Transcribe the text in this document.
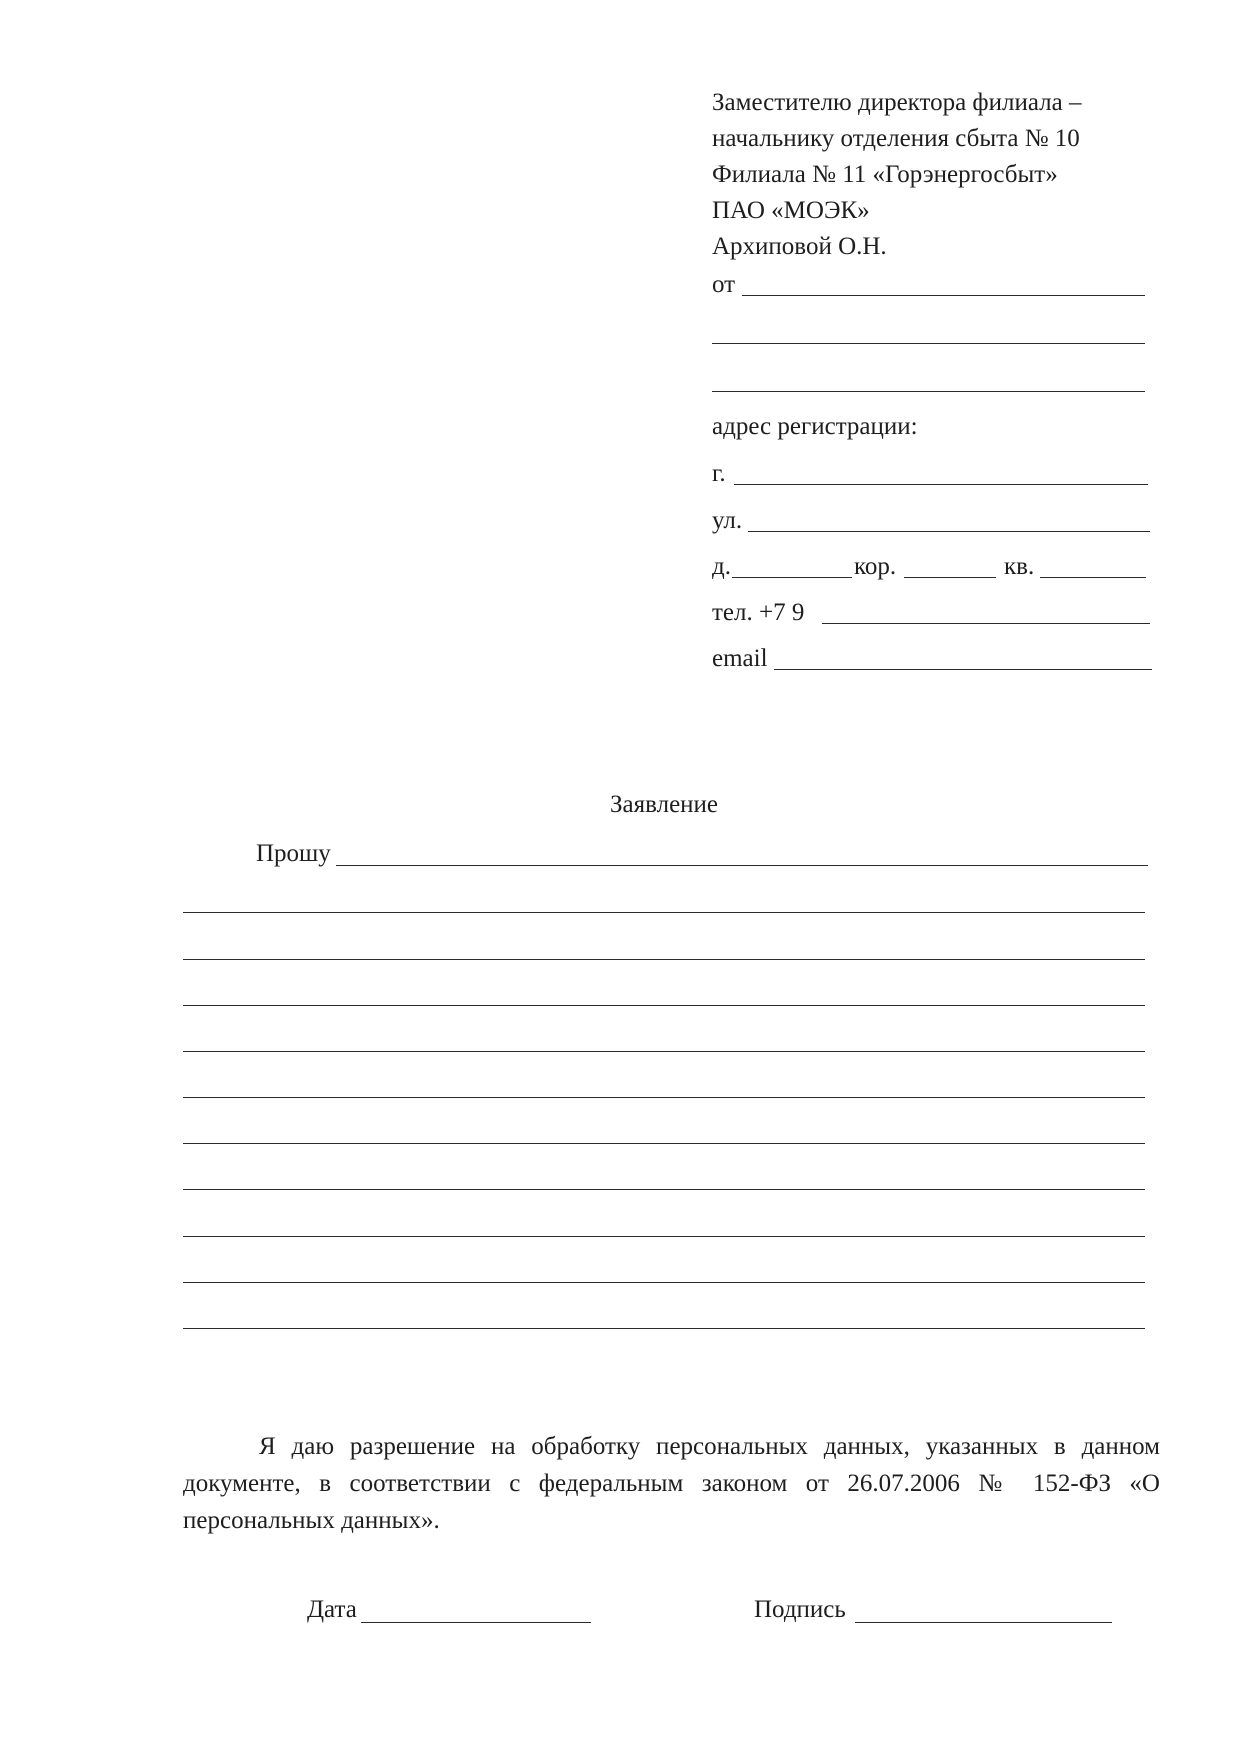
Заместителю директора филиала –
начальнику отделения сбыта № 10
Филиала № 11 «Горэнергосбыт»
ПАО «МОЭК»
Архиповой О.Н.
от
адрес регистрации:
г.
ул.
д.	кор.	кв.
тел. +7 9
email
Заявление
Прошу
Я даю разрешение на обработку персональных данных, указанных в данном документе, в соответствии с федеральным законом от 26.07.2006 № 152-ФЗ «О персональных данных».
Дата	Подпись
